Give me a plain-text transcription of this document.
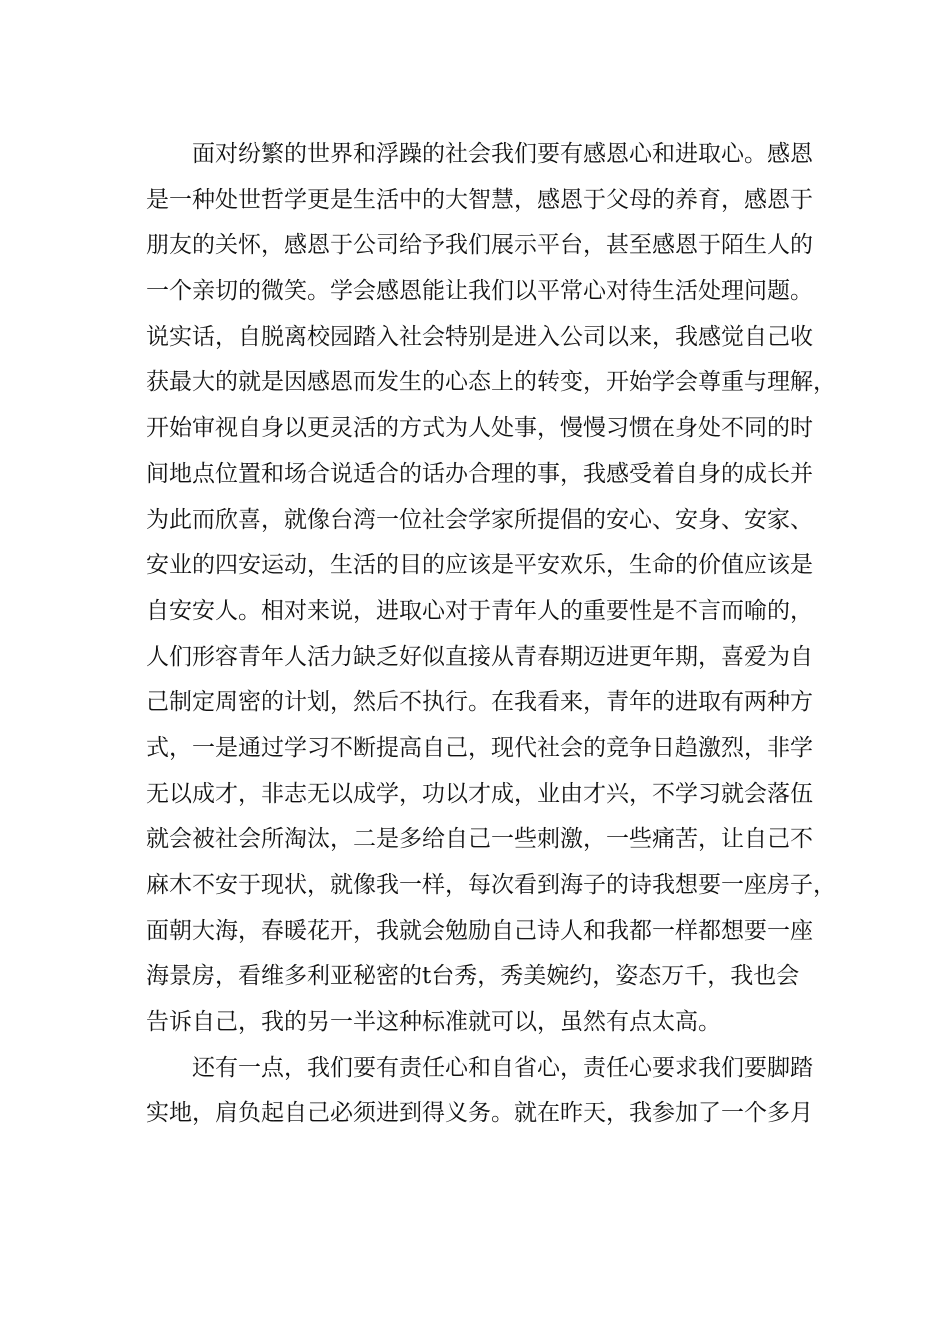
面对纷繁的世界和浮躁的社会我们要有感恩心和进取心。感恩
是一种处世哲学更是生活中的大智慧，感恩于父母的养育，感恩于
朋友的关怀，感恩于公司给予我们展示平台，甚至感恩于陌生人的
一个亲切的微笑。学会感恩能让我们以平常心对待生活处理问题。
说实话，自脱离校园踏入社会特别是进入公司以来，我感觉自己收
获最大的就是因感恩而发生的心态上的转变，开始学会尊重与理解，
开始审视自身以更灵活的方式为人处事，慢慢习惯在身处不同的时
间地点位置和场合说适合的话办合理的事，我感受着自身的成长并
为此而欣喜，就像台湾一位社会学家所提倡的安心、安身、安家、
安业的四安运动，生活的目的应该是平安欢乐，生命的价值应该是
自安安人。相对来说，进取心对于青年人的重要性是不言而喻的，
人们形容青年人活力缺乏好似直接从青春期迈进更年期，喜爱为自
己制定周密的计划，然后不执行。在我看来，青年的进取有两种方
式，一是通过学习不断提高自己，现代社会的竞争日趋激烈，非学
无以成才，非志无以成学，功以才成，业由才兴，不学习就会落伍
就会被社会所淘汰，二是多给自己一些刺激，一些痛苦，让自己不
麻木不安于现状，就像我一样，每次看到海子的诗我想要一座房子，
面朝大海，春暖花开，我就会勉励自己诗人和我都一样都想要一座
海景房，看维多利亚秘密的t台秀，秀美婉约，姿态万千，我也会
告诉自己，我的另一半这种标准就可以，虽然有点太高。
还有一点，我们要有责任心和自省心，责任心要求我们要脚踏
实地，肩负起自己必须进到得义务。就在昨天，我参加了一个多月
